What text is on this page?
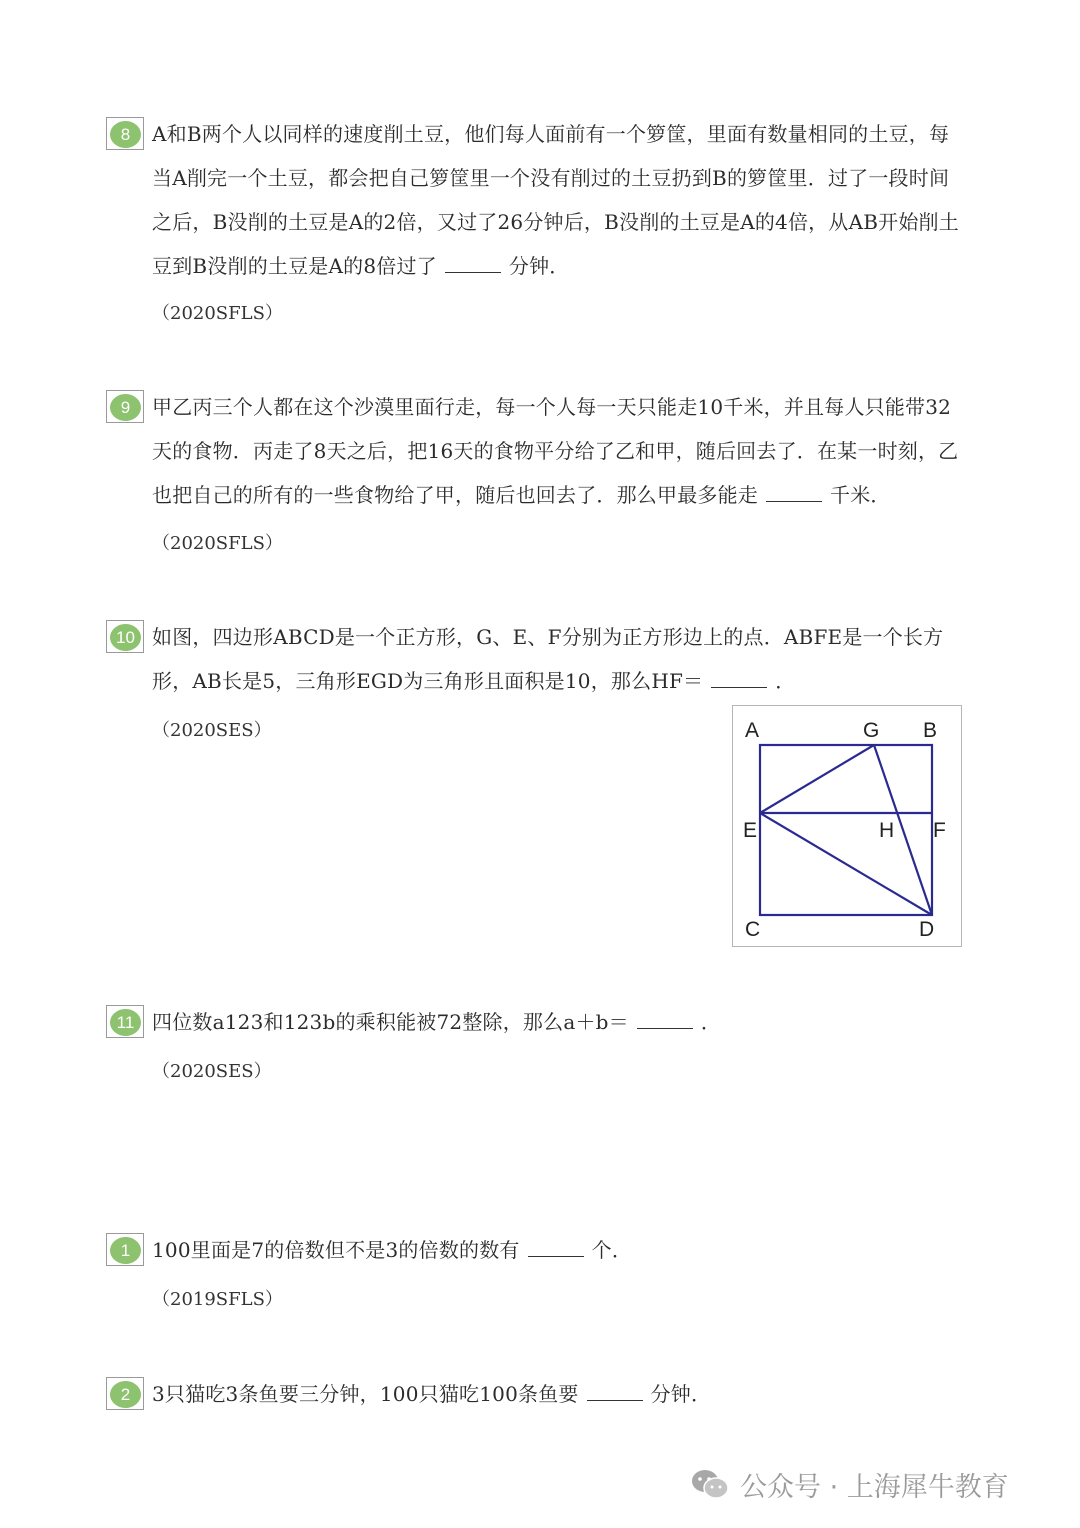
8	A和B两个人以同样的速度削土豆，他们每人面前有一个箩筐，里面有数量相同的土豆，每
当A削完一个土豆，都会把自己箩筐里一个没有削过的土豆扔到B的箩筐里．过了一段时间
之后，B没削的土豆是A的2倍，又过了26分钟后，B没削的土豆是A的4倍，从AB开始削土
豆到B没削的土豆是A的8倍过了	分钟．
（2020SFLS）
9	甲乙丙三个人都在这个沙漠里面行走，每一个人每一天只能走10千米，并且每人只能带32
天的食物．丙走了8天之后，把16天的食物平分给了乙和甲，随后回去了．在某一时刻，乙
也把自己的所有的一些食物给了甲，随后也回去了．那么甲最多能走	千米．
（2020SFLS）
10 如图，四边形ABCD是一个正方形，G、E、F分别为正方形边上的点．ABFE是一个长方
形，AB长是5，三角形EGD为三角形且面积是10，那么HF＝	．
（2020SES）	A	G B
E	H F
C	D
11 四位数a123和123b的乘积能被72整除，那么a＋b＝	．
（2020SES）
1	100里面是7的倍数但不是3的倍数的数有	个．
（2019SFLS）
2	3只猫吃3条鱼要三分钟，100只猫吃100条鱼要	分钟．
公众号 · 上海犀牛教育
